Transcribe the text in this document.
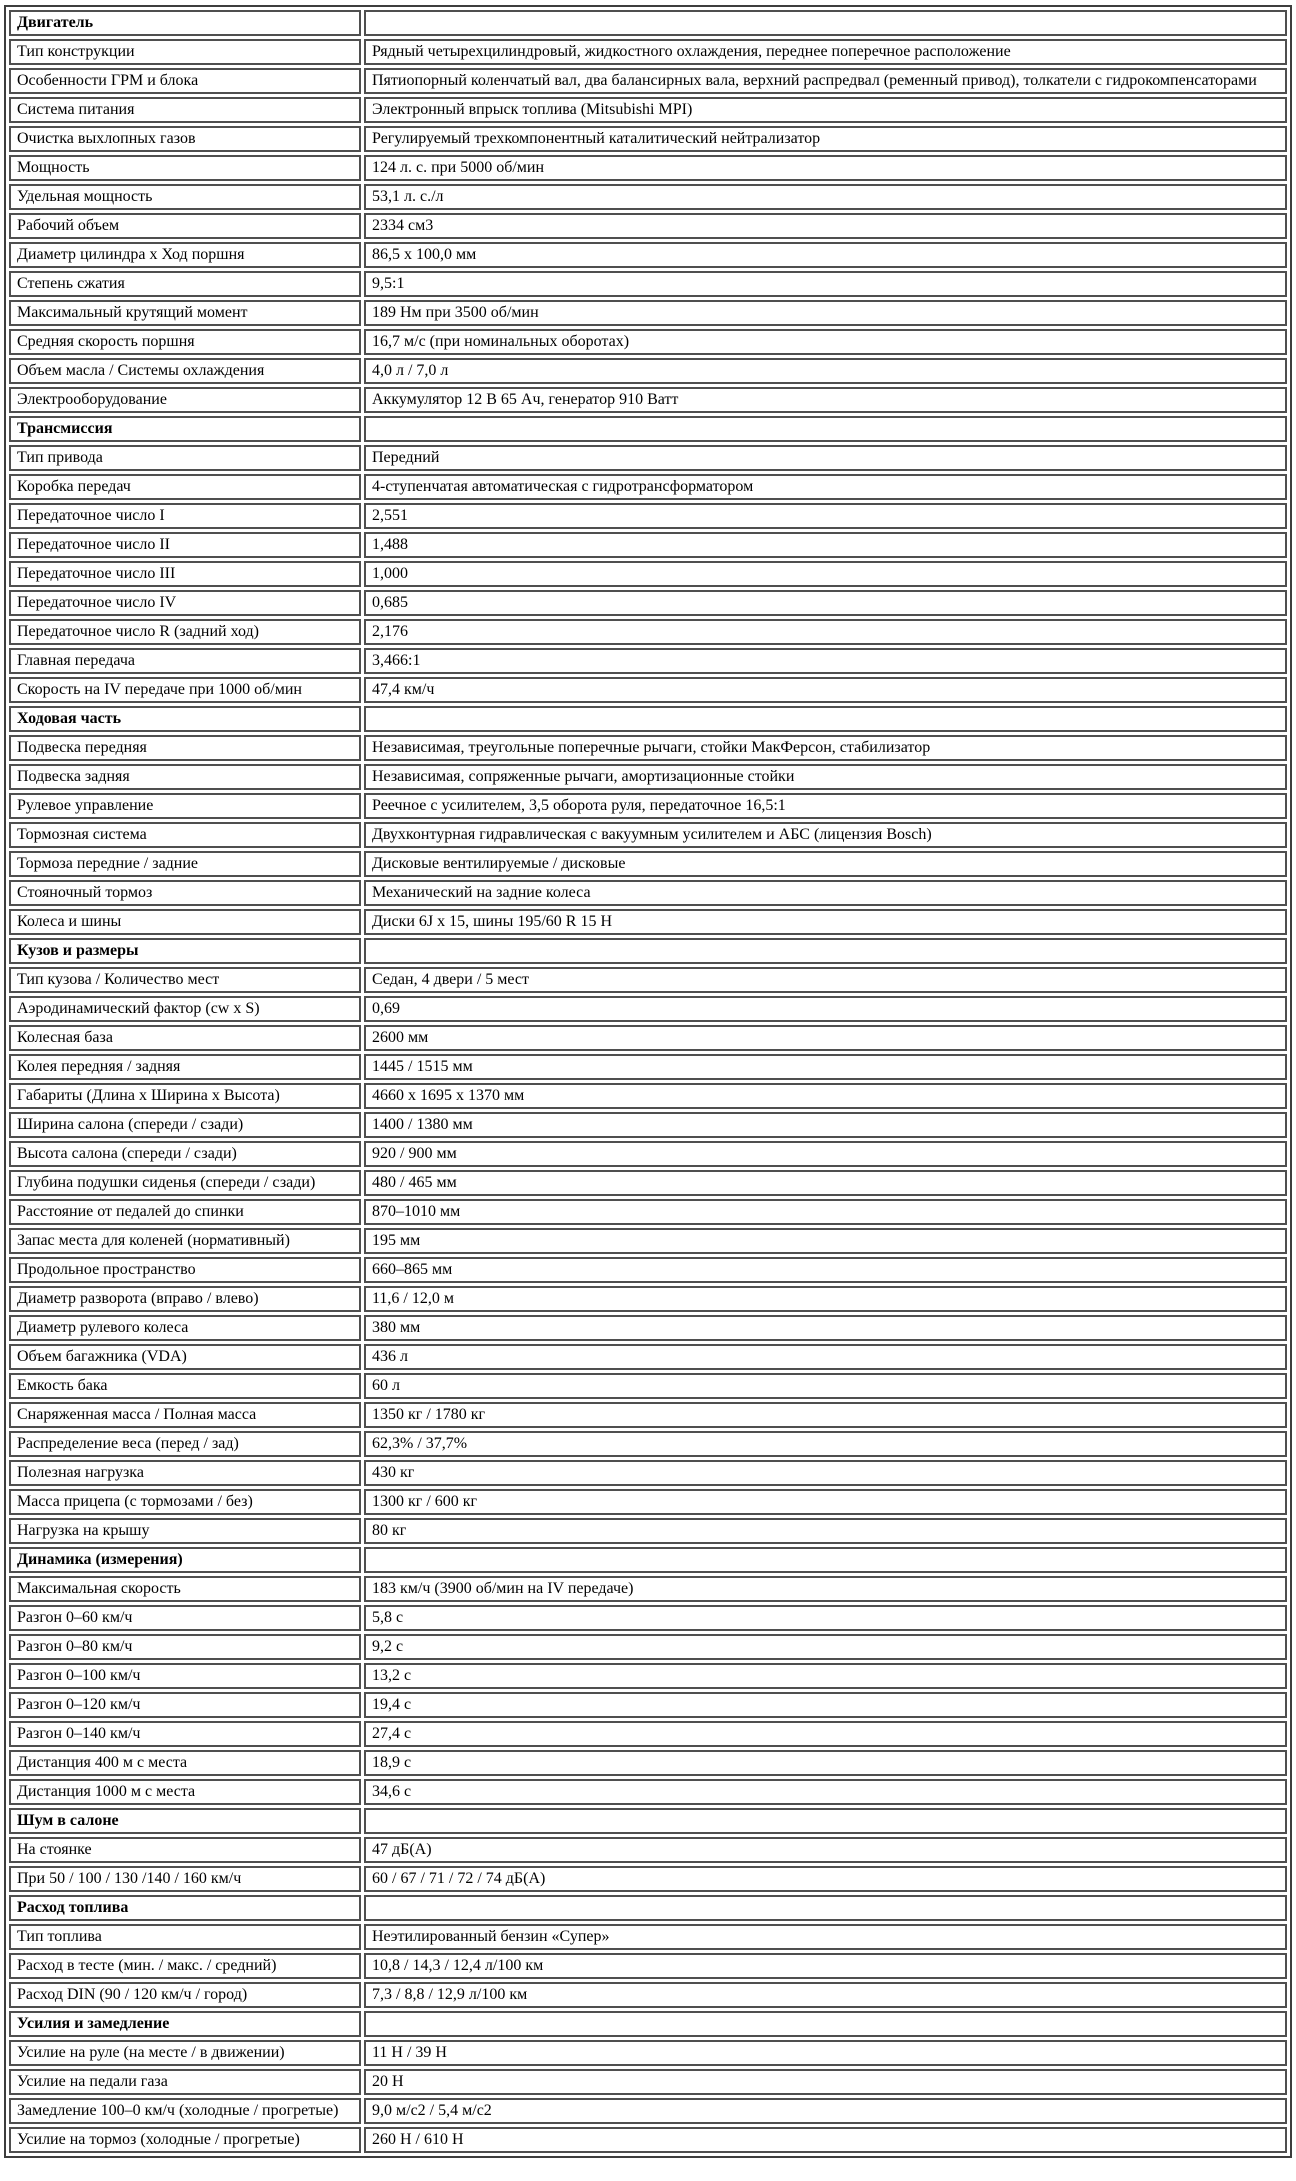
Двигатель	
Тип конструкции	Рядный четырехцилиндровый, жидкостного охлаждения, переднее поперечное расположение
Особенности ГРМ и блока	Пятиопорный коленчатый вал, два балансирных вала, верхний распредвал (ременный привод), толкатели с гидрокомпенсаторами
Система питания	Электронный впрыск топлива (Mitsubishi MPI)
Очистка выхлопных газов	Регулируемый трехкомпонентный каталитический нейтрализатор
Мощность	124 л. с. при 5000 об/мин
Удельная мощность	53,1 л. с./л
Рабочий объем	2334 см3
Диаметр цилиндра x Ход поршня	86,5 x 100,0 мм
Степень сжатия	9,5:1
Максимальный крутящий момент	189 Нм при 3500 об/мин
Средняя скорость поршня	16,7 м/с (при номинальных оборотах)
Объем масла / Системы охлаждения	4,0 л / 7,0 л
Электрооборудование	Аккумулятор 12 В 65 Ач, генератор 910 Ватт
Трансмиссия	
Тип привода	Передний
Коробка передач	4-ступенчатая автоматическая с гидротрансформатором
Передаточное число I	2,551
Передаточное число II	1,488
Передаточное число III	1,000
Передаточное число IV	0,685
Передаточное число R (задний ход)	2,176
Главная передача	3,466:1
Скорость на IV передаче при 1000 об/мин	47,4 км/ч
Ходовая часть	
Подвеска передняя	Независимая, треугольные поперечные рычаги, стойки МакФерсон, стабилизатор
Подвеска задняя	Независимая, сопряженные рычаги, амортизационные стойки
Рулевое управление	Реечное с усилителем, 3,5 оборота руля, передаточное 16,5:1
Тормозная система	Двухконтурная гидравлическая с вакуумным усилителем и АБС (лицензия Bosch)
Тормоза передние / задние	Дисковые вентилируемые / дисковые
Стояночный тормоз	Механический на задние колеса
Колеса и шины	Диски 6J x 15, шины 195/60 R 15 H
Кузов и размеры	
Тип кузова / Количество мест	Седан, 4 двери / 5 мест
Аэродинамический фактор (cw x S)	0,69
Колесная база	2600 мм
Колея передняя / задняя	1445 / 1515 мм
Габариты (Длина x Ширина x Высота)	4660 x 1695 x 1370 мм
Ширина салона (спереди / сзади)	1400 / 1380 мм
Высота салона (спереди / сзади)	920 / 900 мм
Глубина подушки сиденья (спереди / сзади)	480 / 465 мм
Расстояние от педалей до спинки	870–1010 мм
Запас места для коленей (нормативный)	195 мм
Продольное пространство	660–865 мм
Диаметр разворота (вправо / влево)	11,6 / 12,0 м
Диаметр рулевого колеса	380 мм
Объем багажника (VDA)	436 л
Емкость бака	60 л
Снаряженная масса / Полная масса	1350 кг / 1780 кг
Распределение веса (перед / зад)	62,3% / 37,7%
Полезная нагрузка	430 кг
Масса прицепа (с тормозами / без)	1300 кг / 600 кг
Нагрузка на крышу	80 кг
Динамика (измерения)	
Максимальная скорость	183 км/ч (3900 об/мин на IV передаче)
Разгон 0–60 км/ч	5,8 с
Разгон 0–80 км/ч	9,2 с
Разгон 0–100 км/ч	13,2 с
Разгон 0–120 км/ч	19,4 с
Разгон 0–140 км/ч	27,4 с
Дистанция 400 м с места	18,9 с
Дистанция 1000 м с места	34,6 с
Шум в салоне	
На стоянке	47 дБ(А)
При 50 / 100 / 130 /140 / 160 км/ч	60 / 67 / 71 / 72 / 74 дБ(А)
Расход топлива	
Тип топлива	Неэтилированный бензин «Супер»
Расход в тесте (мин. / макс. / средний)	10,8 / 14,3 / 12,4 л/100 км
Расход DIN (90 / 120 км/ч / город)	7,3 / 8,8 / 12,9 л/100 км
Усилия и замедление	
Усилие на руле (на месте / в движении)	11 Н / 39 Н
Усилие на педали газа	20 Н
Замедление 100–0 км/ч (холодные / прогретые)	9,0 м/с2 / 5,4 м/с2
Усилие на тормоз (холодные / прогретые)	260 Н / 610 Н
